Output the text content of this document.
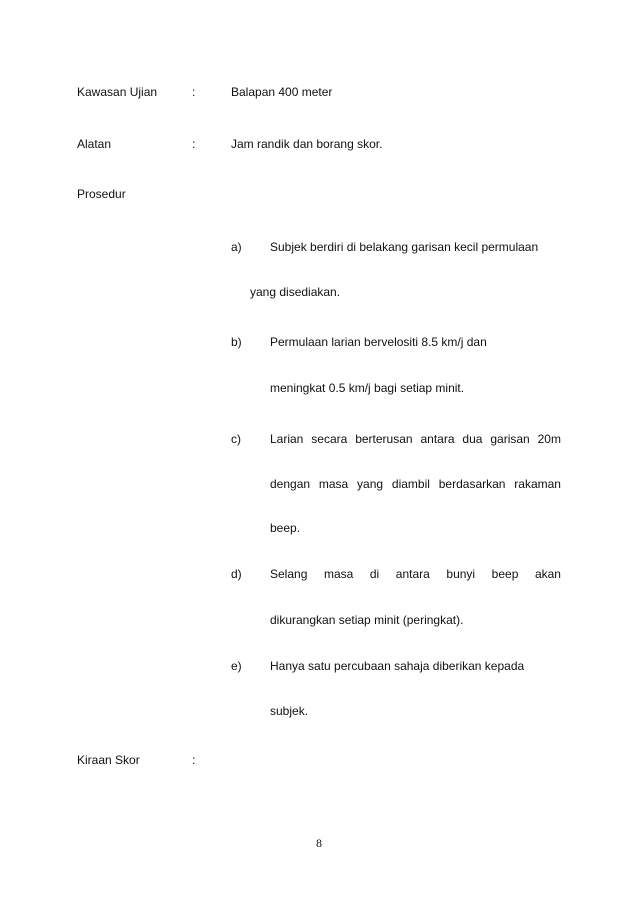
Kawasan Ujian	:	Balapan 400 meter
Alatan	:	Jam randik dan borang skor.
Prosedur
a) Subjek berdiri di belakang garisan kecil permulaan
yang disediakan.
b) Permulaan larian bervelositi 8.5 km/j dan
meningkat 0.5 km/j bagi setiap minit.
c) Larian secara berterusan antara dua garisan 20m
dengan masa yang diambil berdasarkan rakaman
beep.
d) Selang masa di antara bunyi beep akan
dikurangkan setiap minit (peringkat).
e) Hanya satu percubaan sahaja diberikan kepada
subjek.
Kiraan Skor	:
8
